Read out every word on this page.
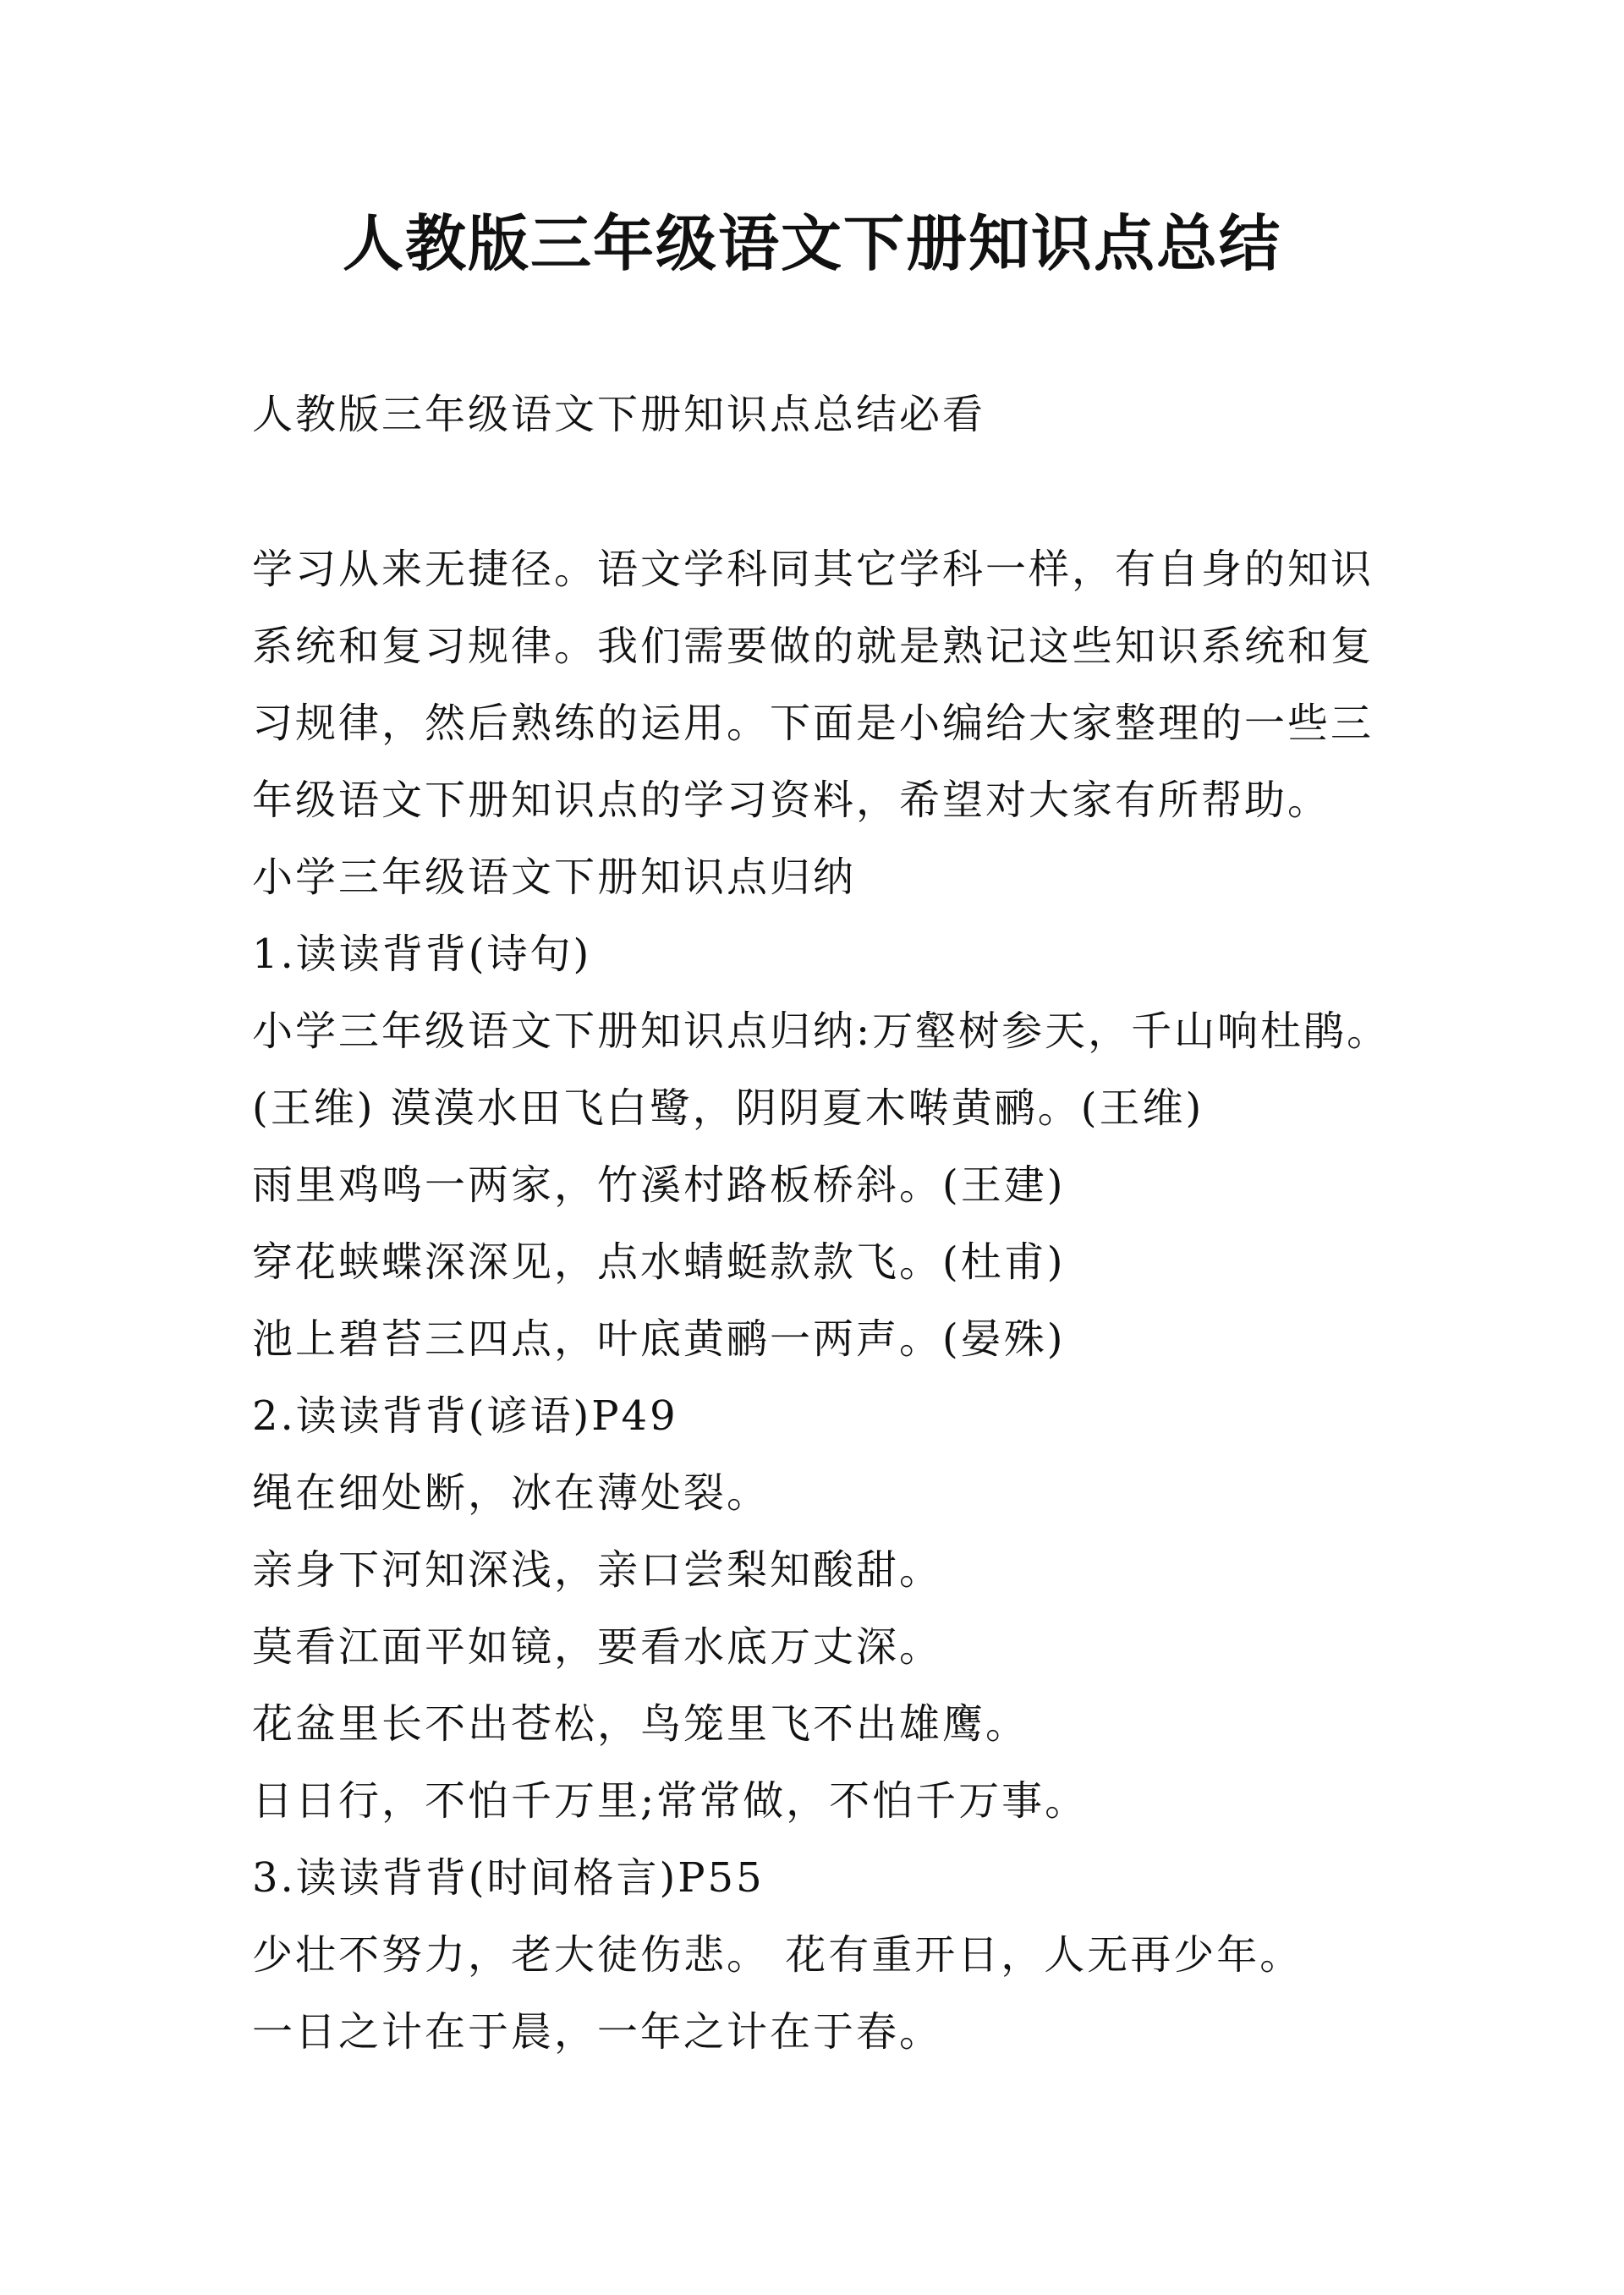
人教版三年级语文下册知识点总结
人教版三年级语文下册知识点总结必看
学习从来无捷径。语文学科同其它学科一样，有自身的知识
系统和复习规律。我们需要做的就是熟记这些知识系统和复
习规律，然后熟练的运用。下面是小编给大家整理的一些三
年级语文下册知识点的学习资料，希望对大家有所帮助。
小学三年级语文下册知识点归纳
1.读读背背(诗句)
小学三年级语文下册知识点归纳:万壑树参天，千山响杜鹃。
(王维) 漠漠水田飞白鹭，阴阴夏木啭黄鹂。(王维)
雨里鸡鸣一两家，竹溪村路板桥斜。(王建)
穿花蛱蝶深深见，点水蜻蜓款款飞。(杜甫)
池上碧苔三四点，叶底黄鹂一两声。(晏殊)
2.读读背背(谚语)P49
绳在细处断，冰在薄处裂。
亲身下河知深浅，亲口尝梨知酸甜。
莫看江面平如镜，要看水底万丈深。
花盆里长不出苍松，鸟笼里飞不出雄鹰。
日日行，不怕千万里;常常做，不怕千万事。
3.读读背背(时间格言)P55
少壮不努力，老大徒伤悲。 花有重开日，人无再少年。
一日之计在于晨，一年之计在于春。
